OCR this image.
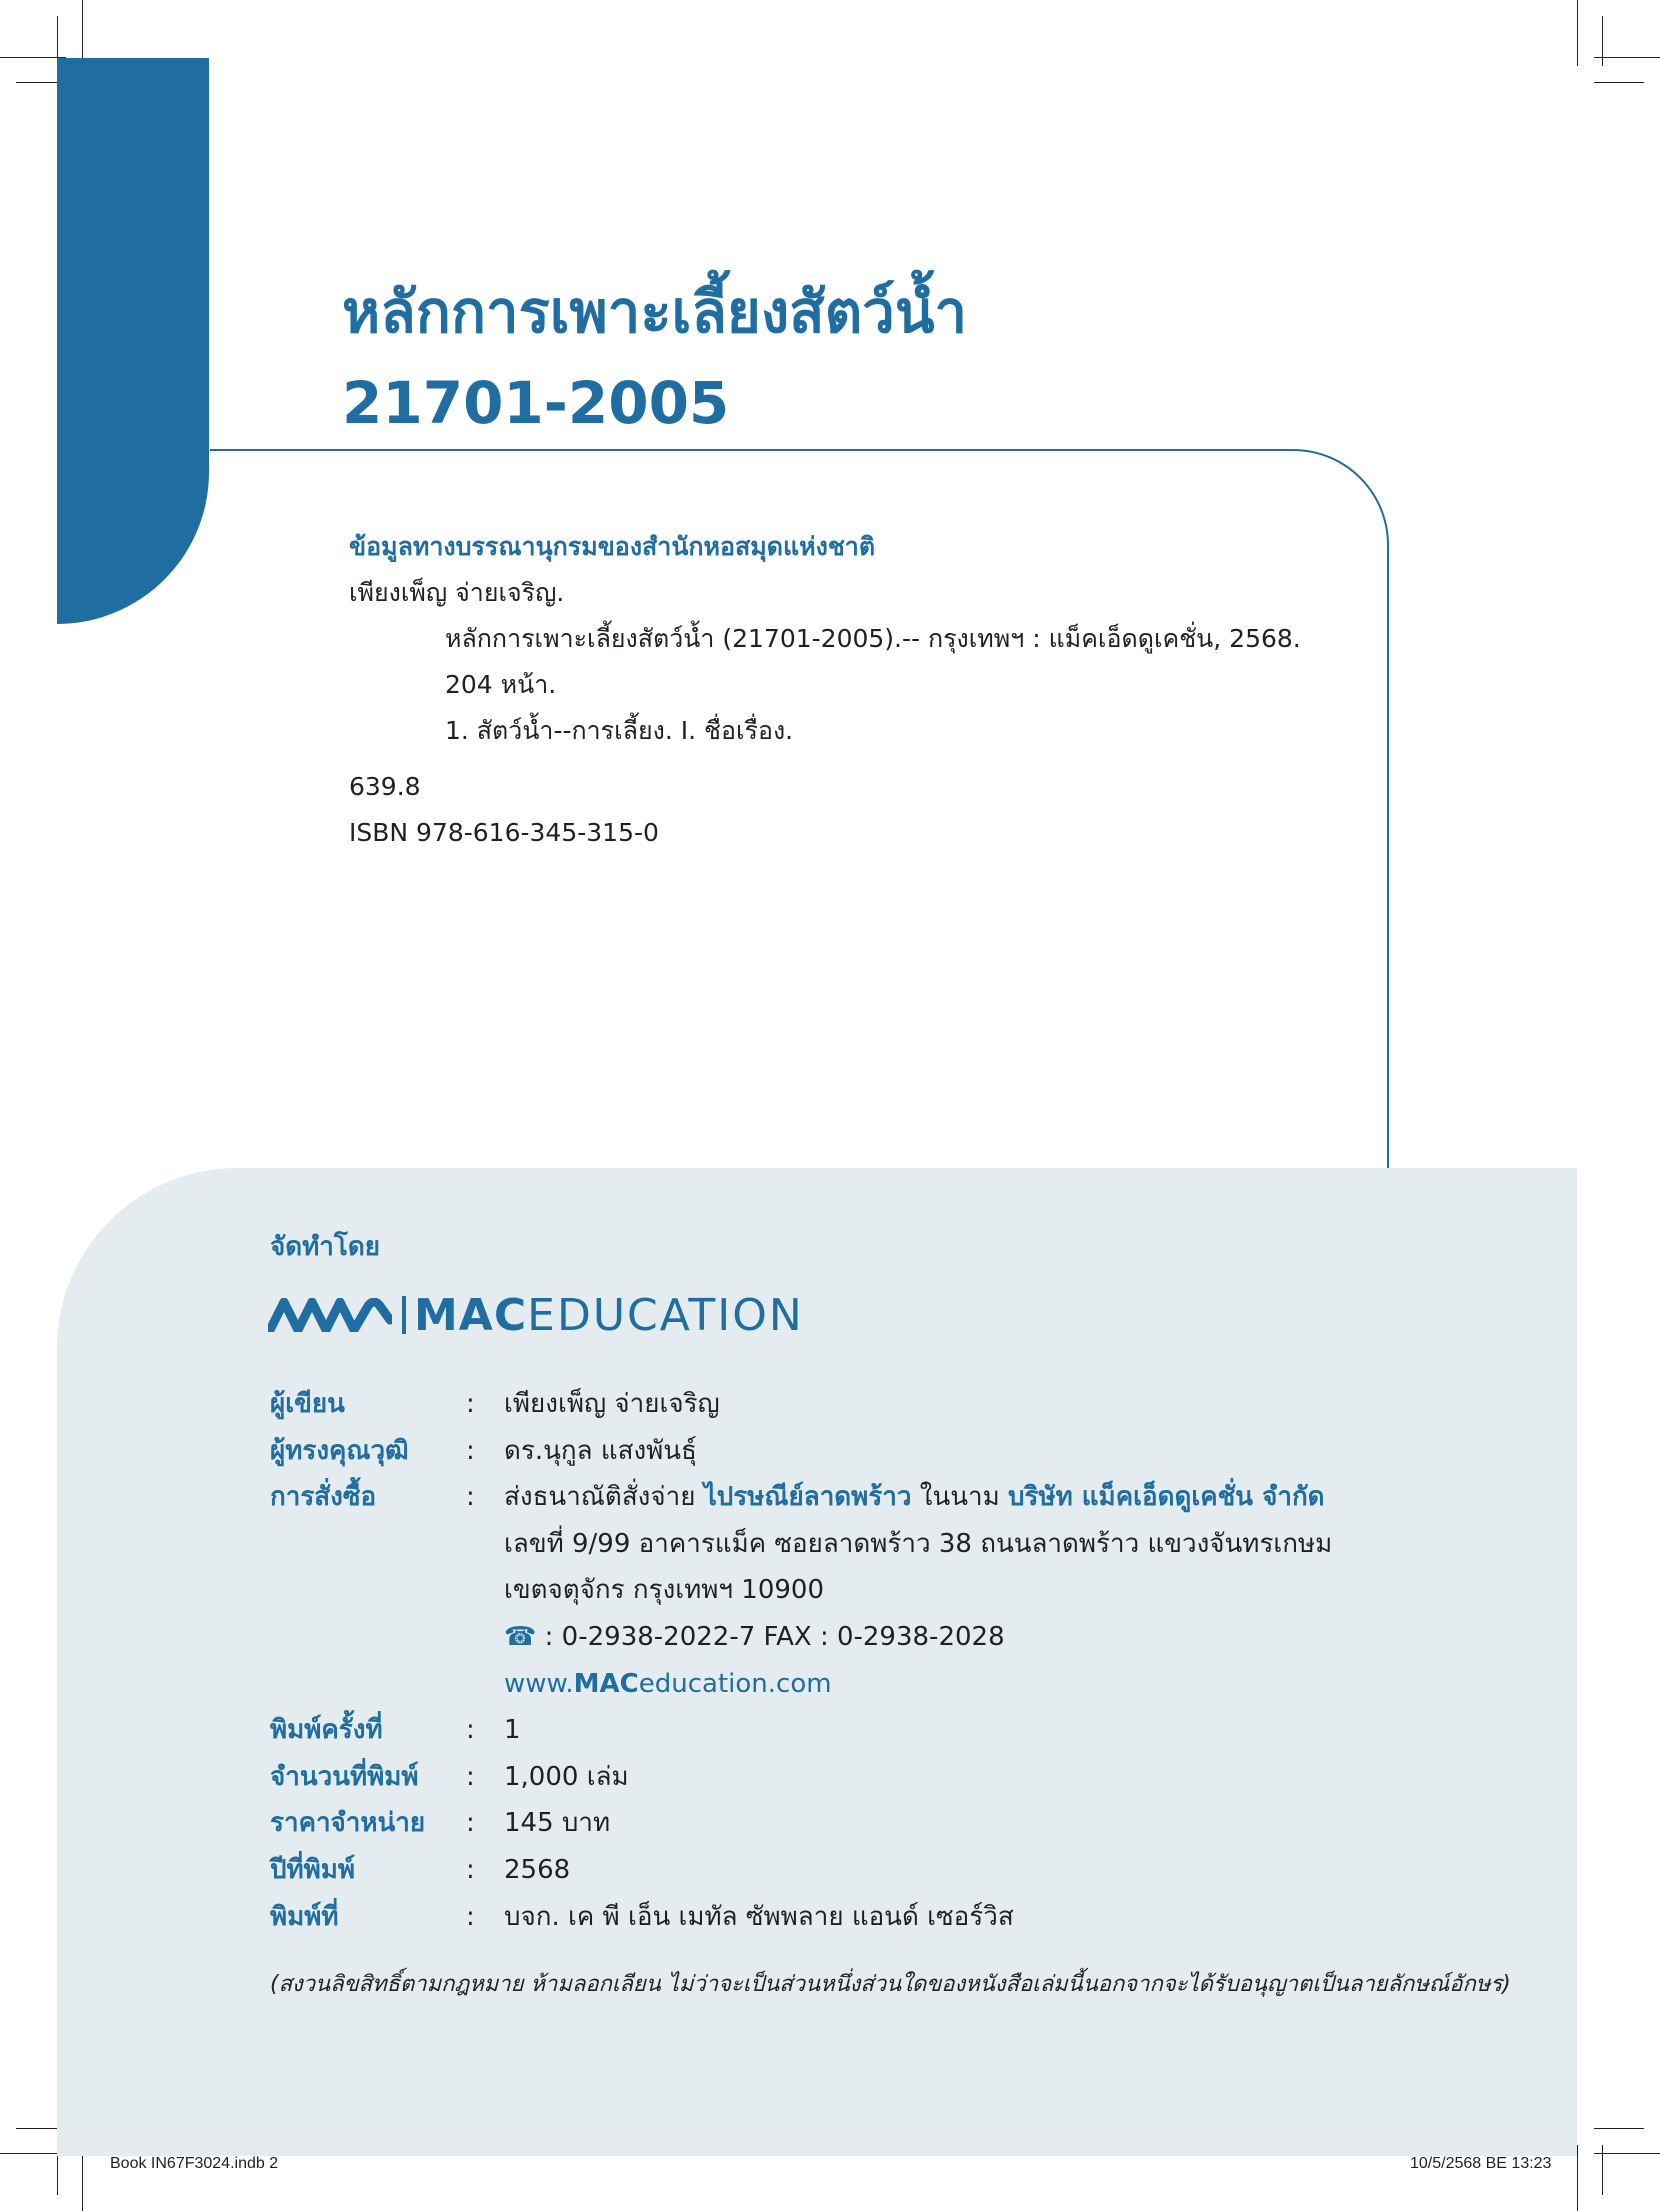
หลักการเพาะเลี้ยงสัตว์น้ำ
21701-2005
ข้อมูลทางบรรณานุกรมของสำนักหอสมุดแห่งชาติ
เพียงเพ็ญ จ่ายเจริญ.
หลักการเพาะเลี้ยงสัตว์น้ำ (21701-2005).-- กรุงเทพฯ : แม็คเอ็ดดูเคชั่น, 2568.
204 หน้า.
1. สัตว์น้ำ--การเลี้ยง. I. ชื่อเรื่อง.
639.8
ISBN 978-616-345-315-0
จัดทำโดย
MAC EDUCATION
ผู้เขียน	:	เพียงเพ็ญ จ่ายเจริญ
ผู้ทรงคุณวุฒิ	:	ดร.นุกูล แสงพันธุ์
การสั่งซื้อ	:	ส่งธนาณัติสั่งจ่าย ไปรษณีย์ลาดพร้าว ในนาม บริษัท แม็คเอ็ดดูเคชั่น จำกัด
เลขที่ 9/99 อาคารแม็ค ซอยลาดพร้าว 38 ถนนลาดพร้าว แขวงจันทรเกษม
เขตจตุจักร กรุงเทพฯ 10900
☎ : 0-2938-2022-7 FAX : 0-2938-2028
www.MACeducation.com
พิมพ์ครั้งที่	:	1
จำนวนที่พิมพ์	:	1,000 เล่ม
ราคาจำหน่าย	:	145 บาท
ปีที่พิมพ์	:	2568
พิมพ์ที่	:	บจก. เค พี เอ็น เมทัล ซัพพลาย แอนด์ เซอร์วิส
(สงวนลิขสิทธิ์ตามกฎหมาย ห้ามลอกเลียน ไม่ว่าจะเป็นส่วนหนึ่งส่วนใดของหนังสือเล่มนี้นอกจากจะได้รับอนุญาตเป็นลายลักษณ์อักษร)
Book IN67F3024.indb 2	10/5/2568 BE 13:23
